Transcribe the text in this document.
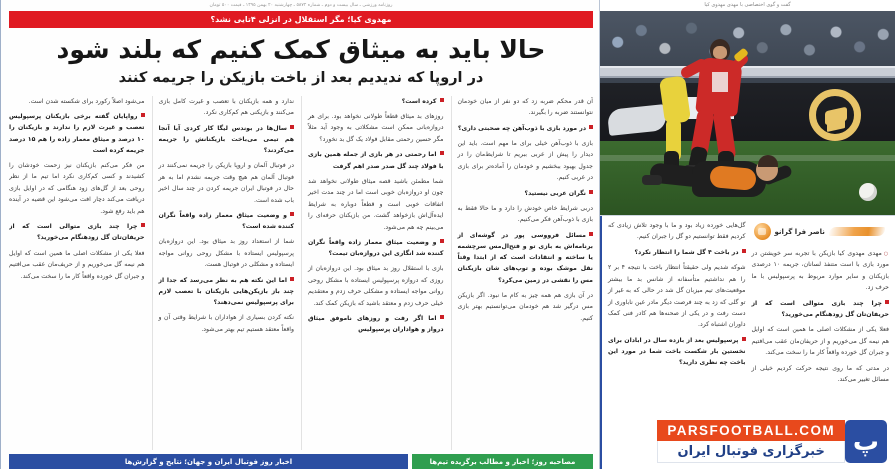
گفت و گوی اختصاصی با مهدی مهدوی کیا
ناصر فرا گرانو
○ مهدی مهدوی کیا بازیکن با تجربه سر خویشتن در مورد بازی با است متنفذ لسانان، جریمه ۱۰ درصدی بازیکنان و سایر موارد مربوط به پرسپولیس با ما حرف زد.
چرا چند بازی متوالی است که از حریفان‌تان گل زودهنگام می‌خورید؟
فعلا یکی از مشکلات اصلی ما همین است که اوایل هم نیمه گل می‌خوریم و از حریفان‌مان عقب می‌افتیم و جبران گل خورده واقعاً کار ما را سخت می‌کند.
در مدتی که ما روی نتیجه حرکت کردیم خیلی از مسائل تغییر می‌کند.
گل‌هایی خورده زیاد بود و ما با وجود تلاش زیادی که کردیم فقط توانستیم دو گل را جبران کنیم.
در باخت ۴ گل شما را انتظار نکرد؟
شوکه شدیم ولی حقیقتاً انتظار باخت با نتیجه ۴ بر ۲ را هم نداشتیم متأسفانه از شانس بد ما بیشتر موقعیت‌های تیم میزبان گل شد در حالی که به غیر از تو گلی که زد به چند فرصت دیگر مادر عین ناباوری از دست رفت و در یکی از صحنه‌ها هم کادر فنی کمک داوران اشتباه کرد.
پرسپولیس بعد از بازده سال در ابادان برای نخستین بار شکست باخت شما در مورد این باخت چه نظری دارید؟
روزنامه ورزشی ـ سال بیست و دوم ـ شماره ۵۸۷۲ ـ چهارشنبه ۲۰ بهمن ۱۳۹۵ ـ قیمت ۵۰۰ تومان
مهدوی کیا؛ مگر استقلال در انزلی ۴تایی نشد؟
حالا باید به میثاق کمک کنیم که بلند شود
در اروپا که ندیدیم بعد از باخت بازیکن را جریمه کنند
آن قدر محکم ضربه زد که دو نفر از میان خودمان نتوانستند ضربه را بگیرند.
در مورد بازی با ذوب‌آهن چه صحبتی داری؟
بازی با ذوب‌آهن خیلی برای ما مهم است. باید این دیدار را پیش از عربی ببریم تا شرایط‌مان را در جدول بهبود ببخشیم و خودمان را آماده‌تر برای بازی در عربی کنیم.
نگران عربی نیستید؟
دربی شرایط خاص خودش را دارد و ما حالا فقط به بازی با ذوب‌آهن فکر می‌کنیم.
مسائل فرووسی پور در گوشه‌ای از برنامه‌اش به بازی تو و فتح‌ال‌مس سرچشمه یا ساخته و انتقادات است که از ابتدا وقتاً نقل موشک بوده و توپ‌های شان بازیکنان مس را نقشی در زمین می‌کرد؟
در آن بازی هم همه چیز به کام ما نبود. اگر بازیکن مس درگیر شد هم خودمان می‌توانستیم بهتر بازی کنیم.
کرده است؟
روزهای بد میثاق قطعاً طولانی نخواهد بود. برای هر دروازه‌بانی ممکن است مشکلاتی به وجود آید مثلاً مگر حسین رحمتی مقابل فولاد یک گل بد نخورد؟
اما رحمتی در هر بازی از جمله همین بازی با فولاد چند گل صدر صدر اهم گرفت
شما مطمئن باشید قصه میثاق طولانی نخواهد شد چون او دروازه‌بان خوبی است اما در چند مدت اخیر اتفاقات خوبی است و قطعاً دوباره به شرایط ایده‌آل‌اش بازخواهد گشت. من بازیکنان حرفه‌ای را می‌بینم چه هم می‌شود.
و وضعیت میثاق معمار زاده واقعاً نگران کننده شد انگاری این دروازه‌بان تیمت؟
بازی با استقلال روز بد میثاق بود. این دروازه‌بان از روزی که دروازه پرسپولیس ایستاده با مشکل روحی روانی مواجه ایستاده و مشکلی حرف زدم و معتقدیم خیلی حرف زدم و معتقد باشید که بازیکن کمک کند.
اما اگر رفت و روزهای ناموفق میثاق درواز و هواداران پرسپولیس
ندارد و همه بازیکنان با تعصب و غیرت کامل بازی می‌کنند و بازیکنی هم کم‌کاری نکرد.
سال‌ها در بوندس لیگا کار کردی آیا آنجا هم تیمی می‌باخت بازیکنانش را جریمه می‌کردند؟
در فوتبال آلمان و اروپا بازیکن را جریمه نمی‌کنند در فوتبال آلمان هم هیچ وقت جریمه نشدم اما به هر حال در فوتبال ایران جریمه کردن در چند سال اخیر باب شده است.
و وضعیت میثاق معمار زاده واقعاً نگران کننده شده است؟
شما از استعداد روز بد میثاق بود. این دروازه‌بان پرسپولیس ایستاده با مشکل روحی روانی مواجه ایستاده و مشکلی در فوتبال هست.
اما این نکته هم به نظر می‌رسد که جدا از چند باز بازیکن‌هایی بازیکنان با تعصب لازم برای پرسپولیس نمی‌دهند؟
نکته کردن بسیاری از هواداران با شرایط وقتی آن و واقعاً معتقد هستیم تیم بهتر می‌شود.
می‌شود اصلاً رکورد برای شکسته شدن است.
رواپایان گفته برخی بازیکنان پرسپولیس تعصب و غیرت لازم را ندارند و بازیکنان را ۱۰ درصد و میثاق معمار زاده را هم ۱۵ درصد جریمه کرده است
من فکر می‌کنم بازیکنان نیز زحمت خودشان را کشیدند و کسی کم‌کاری نکرد اما تیم ما از نظر روحی بعد از گل‌های زود هنگامی که در اوایل بازی دریافت می‌کند دچار افت می‌شود این قضیه در آینده هم باید رفع شود.
چرا چند بازی متوالی است که از حریفان‌تان گل زودهنگام می‌خورید؟
فعلا یکی از مشکلات اصلی ما همین است که اوایل هم نیمه گل می‌خوریم و از حریف‌مان عقب می‌افتیم و جبران گل خورده واقعاً کار ما را سخت می‌کند.
مصاحبه روز؛ اخبار و مطالب برگزیده تیم‌ها
اخبار روز فوتبال ایران و جهان؛ نتایج و گزارش‌ها
پ
PARSFOOTBALL.COM
خبرگزاری فوتبال ایران
